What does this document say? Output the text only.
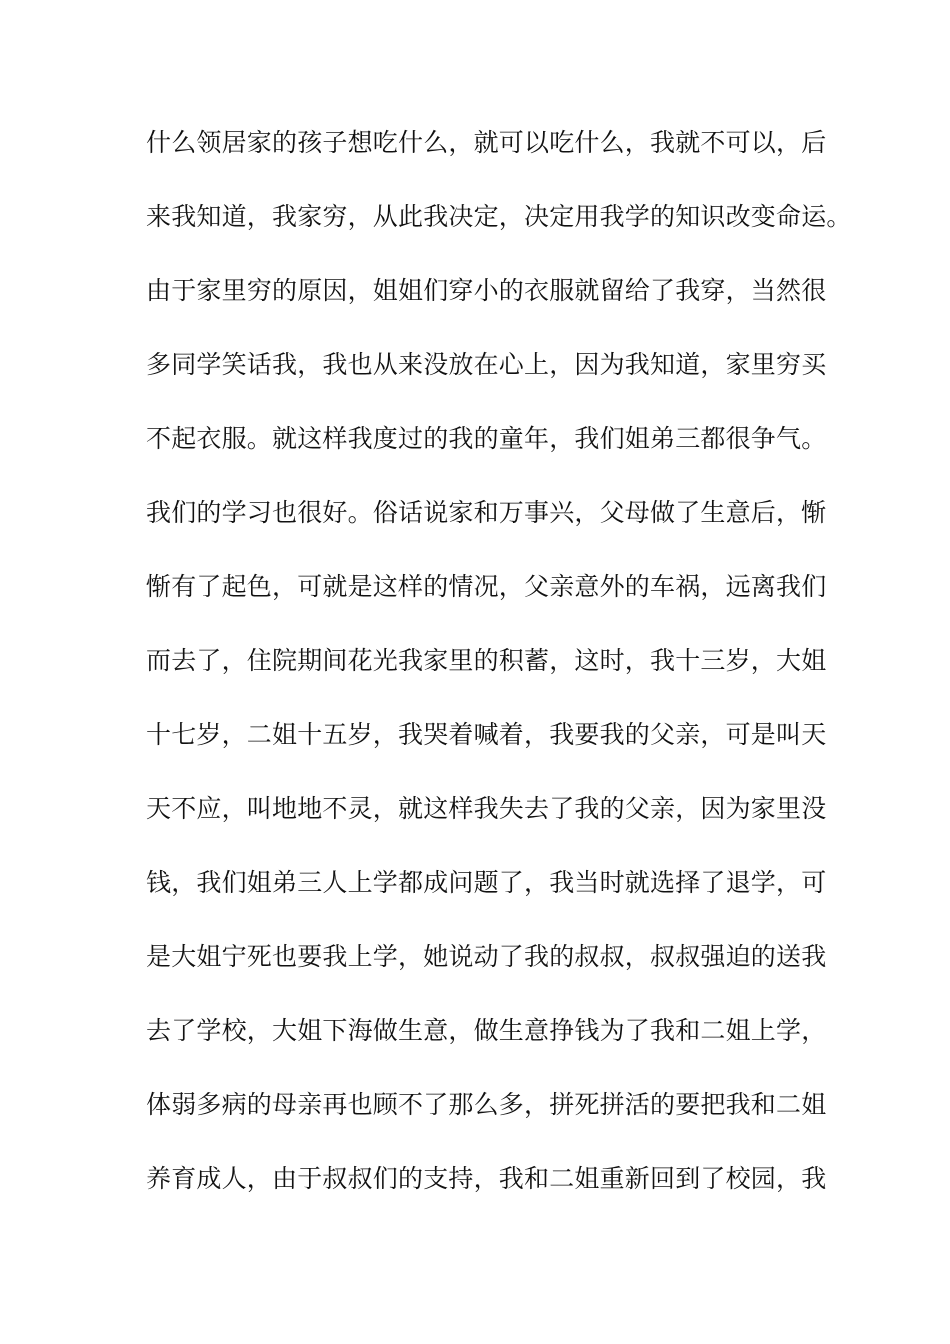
什么领居家的孩子想吃什么，就可以吃什么，我就不可以，后
来我知道，我家穷，从此我决定，决定用我学的知识改变命运。
由于家里穷的原因，姐姐们穿小的衣服就留给了我穿，当然很
多同学笑话我，我也从来没放在心上，因为我知道，家里穷买
不起衣服。就这样我度过的我的童年，我们姐弟三都很争气。
我们的学习也很好。俗话说家和万事兴，父母做了生意后，惭
惭有了起色，可就是这样的情况，父亲意外的车祸，远离我们
而去了，住院期间花光我家里的积蓄，这时，我十三岁，大姐
十七岁，二姐十五岁，我哭着喊着，我要我的父亲，可是叫天
天不应，叫地地不灵，就这样我失去了我的父亲，因为家里没
钱，我们姐弟三人上学都成问题了，我当时就选择了退学，可
是大姐宁死也要我上学，她说动了我的叔叔，叔叔强迫的送我
去了学校，大姐下海做生意，做生意挣钱为了我和二姐上学，
体弱多病的母亲再也顾不了那么多，拼死拼活的要把我和二姐
养育成人，由于叔叔们的支持，我和二姐重新回到了校园，我
